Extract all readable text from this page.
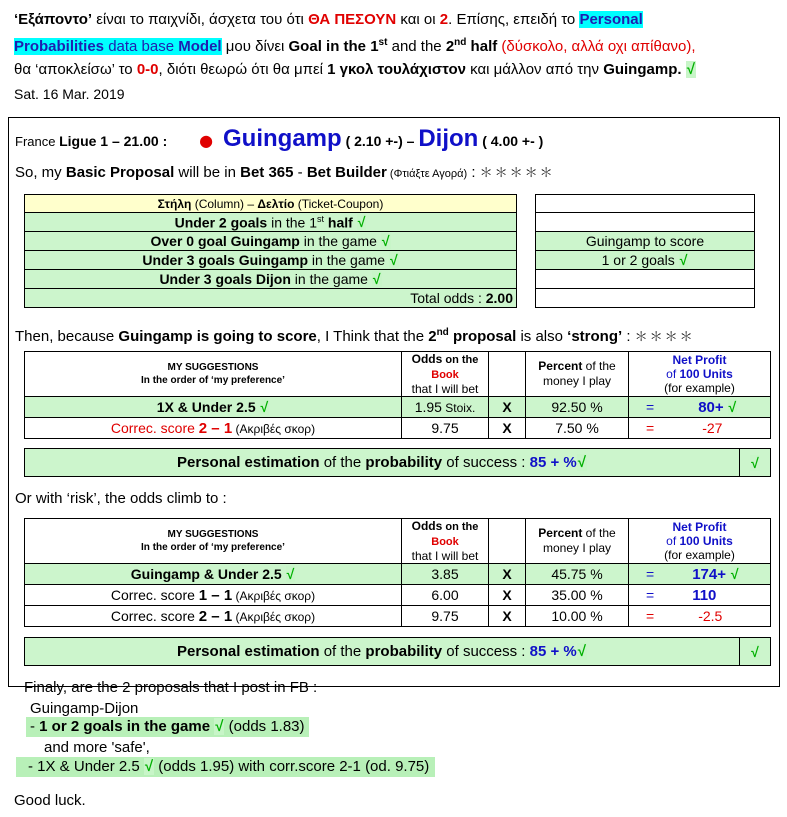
‘Εξάποντο’ είναι το παιχνίδι, άσχετα του ότι ΘΑ ΠΕΣΟΥΝ και οι 2. Επίσης, επειδή το Personal
Probabilities data base Model μου δίνει Goal in the 1st and the 2nd half (δύσκολο, αλλά οχι απίθανο),
θα ‘αποκλείσω’ το 0-0, διότι θεωρώ ότι θα μπεί 1 γκολ τουλάχιστον και μάλλον από την Guingamp. √
Sat. 16 Mar. 2019
France Ligue 1 – 21.00 : ● Guingamp ( 2.10 +-) – Dijon ( 4.00 +- )
So, my Basic Proposal will be in Bet 365 - Bet Builder (Φτιάξτε Αγορά) : ＊＊＊＊＊
Στήλη (Column) – Δελτίο (Ticket-Coupon)
Under 2 goals in the 1st half √
Over 0 goal Guingamp in the game √
Under 3 goals Guingamp in the game √
Under 3 goals Dijon in the game √
Total odds : 2.00

Guingamp to score
1 or 2 goals √

Then, because Guingamp is going to score, I Think that the 2nd proposal is also ‘strong’ : ＊＊＊＊
MY SUGGESTIONS
In the order of ‘my preference’	Odds on the
Book
that I will bet		Percent of the
money I play	Net Profit
of 100 Units
(for example)
1X & Under 2.5 √	1.95 Stoix.	X	92.50 %	= 80+ √
Correc. score 2 – 1 (Ακριβές σκορ)	9.75	X	7.50 %	= -27
Personal estimation of the probability of success : 85 + %√	√
Or with ‘risk’, the odds climb to :
MY SUGGESTIONS
In the order of ‘my preference’	Odds on the
Book
that I will bet		Percent of the
money I play	Net Profit
of 100 Units
(for example)
Guingamp & Under 2.5 √	3.85	X	45.75 %	= 174+ √
Correc. score 1 – 1 (Ακριβές σκορ)	6.00	X	35.00 %	= 110
Correc. score 2 – 1 (Ακριβές σκορ)	9.75	X	10.00 %	= -2.5
Personal estimation of the probability of success : 85 + %√	√
Finaly, are the 2 proposals that I post in FB :
Guingamp-Dijon
- 1 or 2 goals in the game √ (odds 1.83)
and more 'safe',
- 1X & Under 2.5 √ (odds 1.95) with corr.score 2-1 (od. 9.75)
Good luck.
